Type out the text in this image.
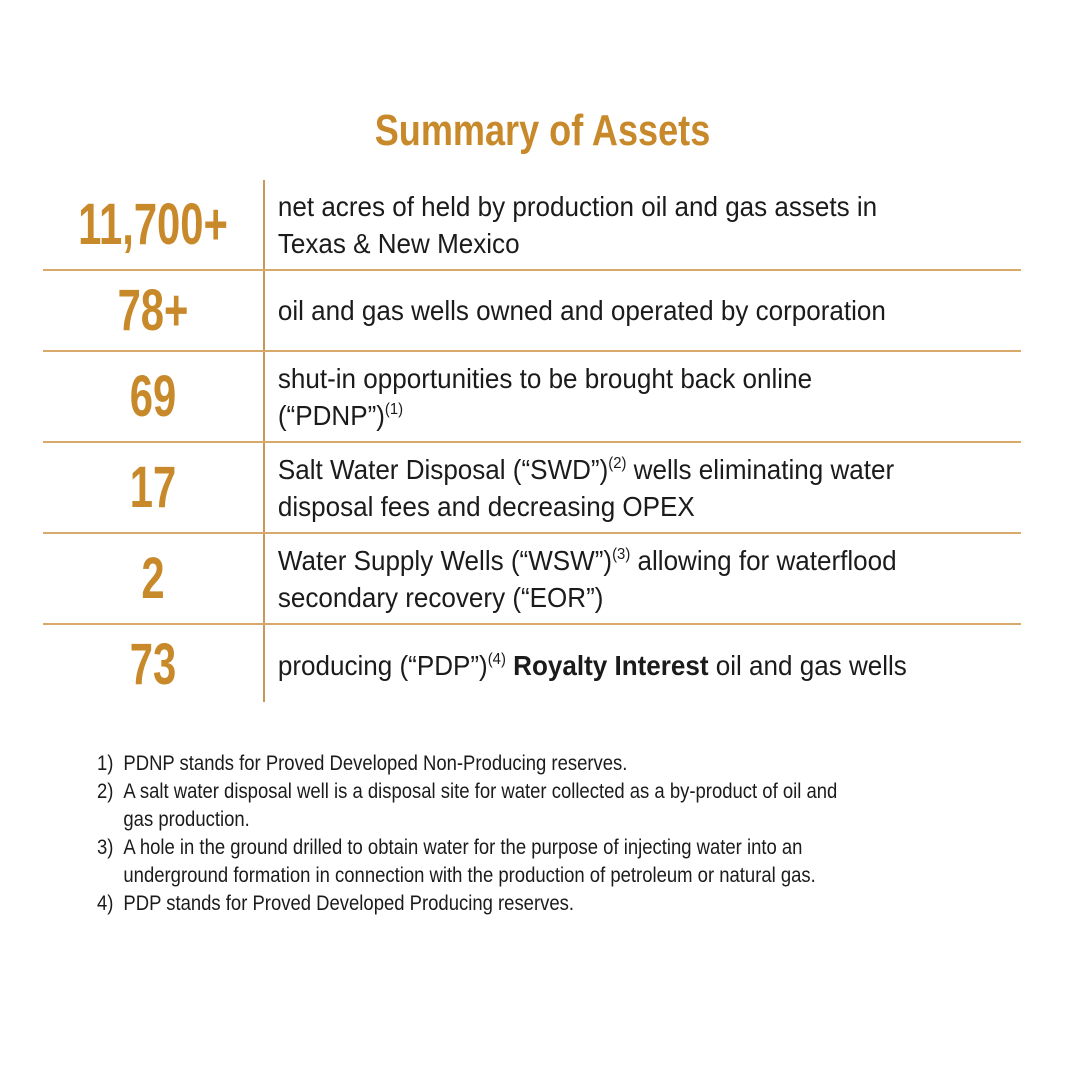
Summary of Assets
11,700+ net acres of held by production oil and gas assets in
Texas & New Mexico
78+	oil and gas wells owned and operated by corporation
69	shut-in opportunities to be brought back online
(“PDNP”)$^{(1)}$
17	Salt Water Disposal (“SWD”)$^{(2)}$ wells eliminating water
disposal fees and decreasing OPEX
2	Water Supply Wells (“WSW”)$^{(3)}$ allowing for waterflood
secondary recovery (“EOR”)
73	producing (“PDP”)$^{(4)}$ Royalty Interest oil and gas wells
1) PDNP stands for Proved Developed Non-Producing reserves.
2) A salt water disposal well is a disposal site for water collected as a by-product of oil and
gas production.
3) A hole in the ground drilled to obtain water for the purpose of injecting water into an
underground formation in connection with the production of petroleum or natural gas.
4) PDP stands for Proved Developed Producing reserves.
